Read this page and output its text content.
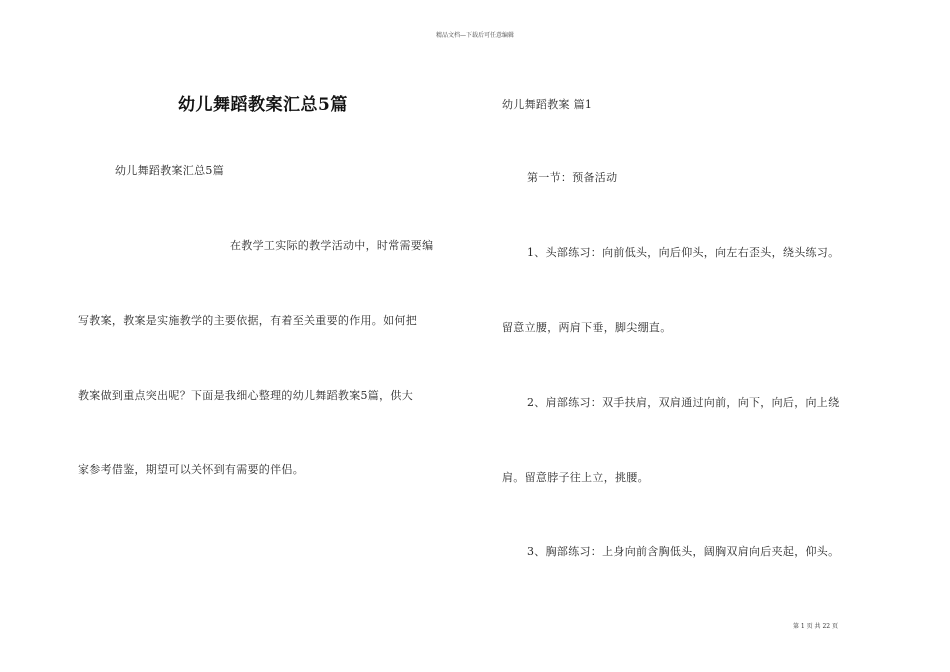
精品文档—下载后可任意编辑
幼儿舞蹈教案汇总5篇
幼儿舞蹈教案汇总5篇
在教学工实际的教学活动中，时常需要编
写教案，教案是实施教学的主要依据，有着至关重要的作用。如何把
教案做到重点突出呢？下面是我细心整理的幼儿舞蹈教案5篇，供大
家参考借鉴，期望可以关怀到有需要的伴侣。
幼儿舞蹈教案 篇1
第一节：预备活动
1、头部练习：向前低头，向后仰头，向左右歪头，绕头练习。
留意立腰，两肩下垂，脚尖绷直。
2、肩部练习：双手扶肩，双肩通过向前，向下，向后，向上绕
肩。留意脖子往上立，挑腰。
3、胸部练习：上身向前含胸低头，阔胸双肩向后夹起，仰头。
第 1 页 共 22 页
